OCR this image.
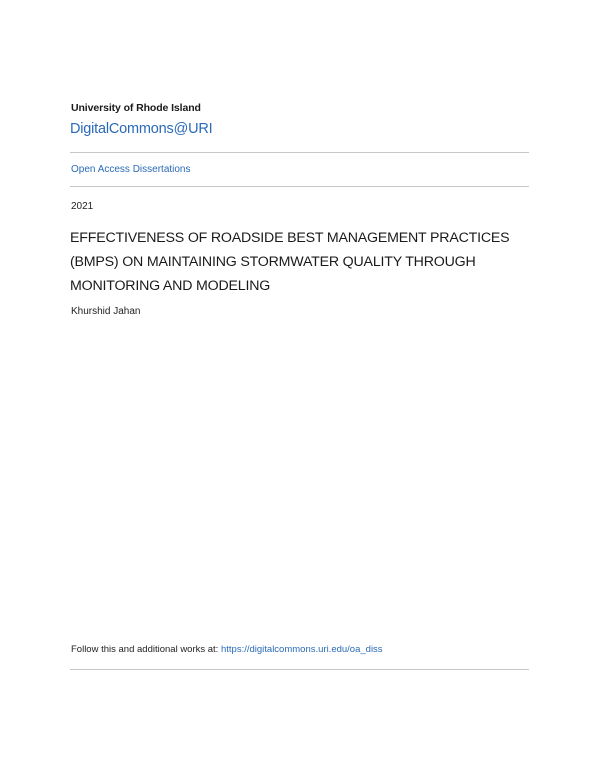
University of Rhode Island
DigitalCommons@URI
Open Access Dissertations
2021
EFFECTIVENESS OF ROADSIDE BEST MANAGEMENT PRACTICES (BMPS) ON MAINTAINING STORMWATER QUALITY THROUGH MONITORING AND MODELING
Khurshid Jahan
Follow this and additional works at: https://digitalcommons.uri.edu/oa_diss
